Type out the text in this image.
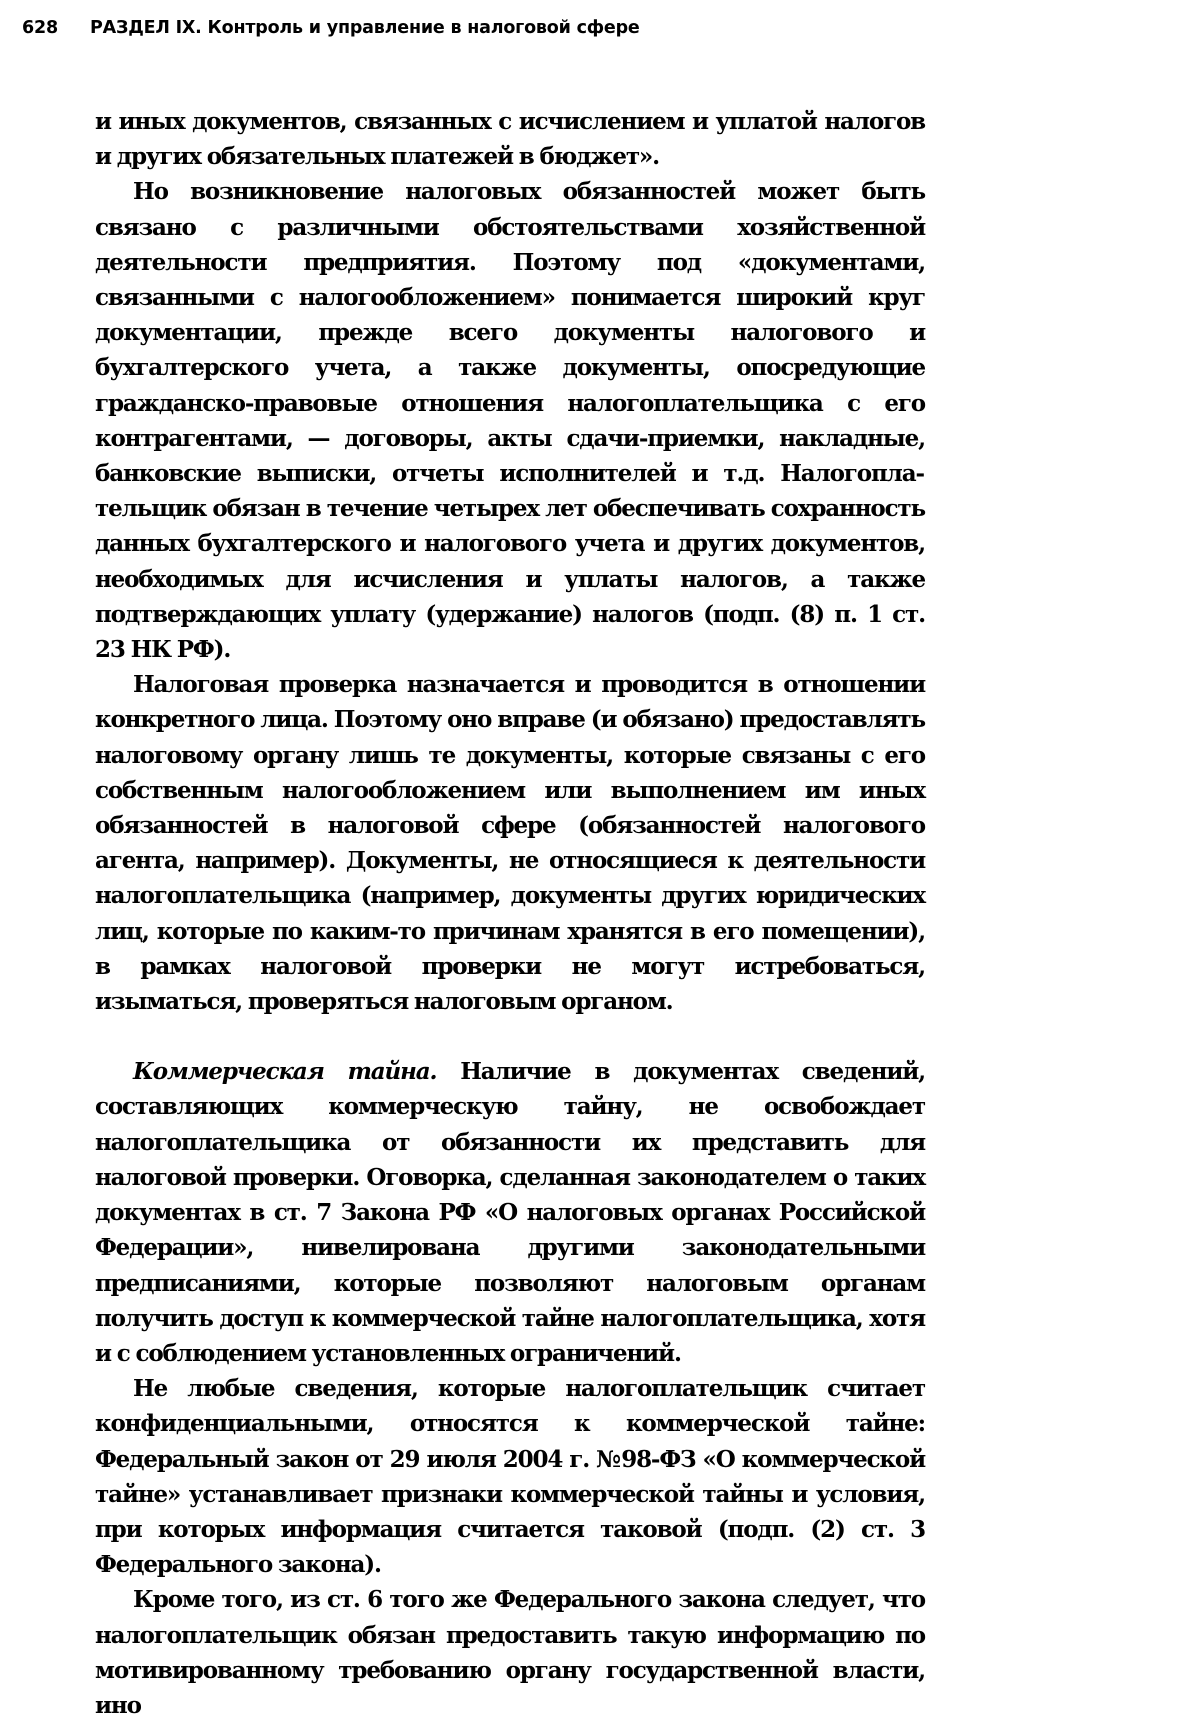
628	РАЗДЕЛ IX. Контроль и управление в налоговой сфере

и иных документов, связанных с исчислением и уплатой налогов и других обязательных платежей в бюджет».

Но возникновение налоговых обязанностей может быть связано с различными обстоятельствами хозяйственной деятельности предприятия. Поэтому под «документами, связанными с налогообложением» понимается широкий круг документации, прежде всего документы налогового и бухгалтерского учета, а также документы, опосредующие гражданско-правовые отношения налогоплательщика с его контрагентами, — договоры, акты сдачи-приемки, накладные, банковские выписки, отчеты исполнителей и т.д. Налогоплательщик обязан в течение четырех лет обеспечивать сохранность данных бухгалтерского и налогового учета и других документов, необходимых для исчисления и уплаты налогов, а также подтверждающих уплату (удержание) налогов (подп. (8) п. 1 ст. 23 НК РФ).

Налоговая проверка назначается и проводится в отношении конкретного лица. Поэтому оно вправе (и обязано) предоставлять налоговому органу лишь те документы, которые связаны с его собственным налогообложением или выполнением им иных обязанностей в налоговой сфере (обязанностей налогового агента, например). Документы, не относящиеся к деятельности налогоплательщика (например, документы других юридических лиц, которые по каким-то причинам хранятся в его помещении), в рамках налоговой проверки не могут истребоваться, изыматься, проверяться налоговым органом.

Коммерческая тайна. Наличие в документах сведений, составляющих коммерческую тайну, не освобождает налогоплательщика от обязанности их представить для налоговой проверки. Оговорка, сделанная законодателем о таких документах в ст. 7 Закона РФ «О налоговых органах Российской Федерации», нивелирована другими законодательными предписаниями, которые позволяют налоговым органам получить доступ к коммерческой тайне налогоплательщика, хотя и с соблюдением установленных ограничений.

Не любые сведения, которые налогоплательщик считает конфиденциальными, относятся к коммерческой тайне: Федеральный закон от 29 июля 2004 г. №98-ФЗ «О коммерческой тайне» устанавливает признаки коммерческой тайны и условия, при которых информация считается таковой (подп. (2) ст. 3 Федерального закона).

Кроме того, из ст. 6 того же Федерального закона следует, что налогоплательщик обязан предоставить такую информацию по мотивированному требованию органу государственной власти, ино
